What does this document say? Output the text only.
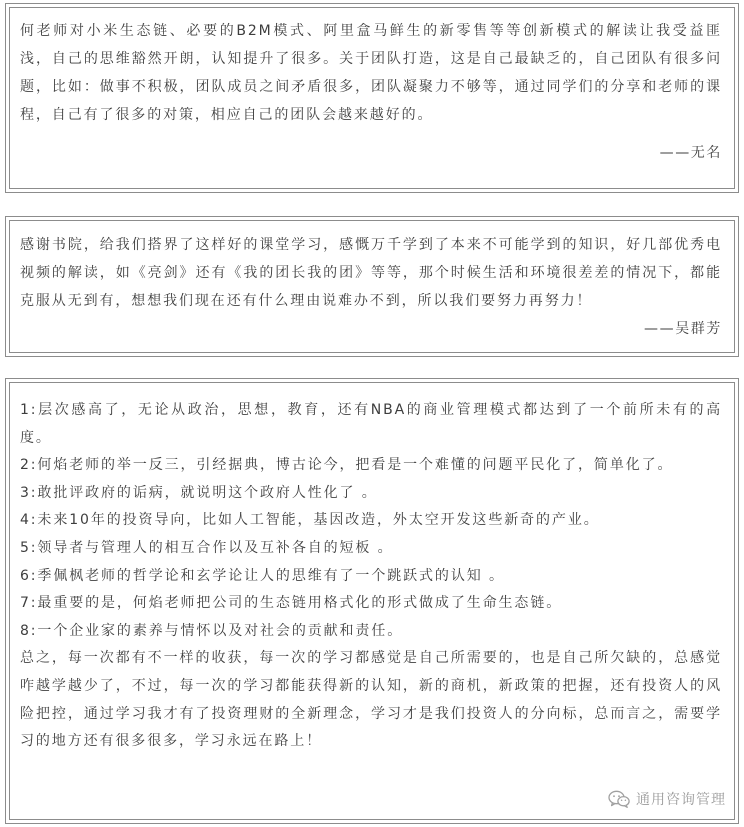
何老师对小米生态链、必要的B2M模式、阿里盒马鲜生的新零售等等创新模式的解读让我受益匪浅，自己的思维豁然开朗，认知提升了很多。关于团队打造，这是自己最缺乏的，自己团队有很多问题，比如：做事不积极，团队成员之间矛盾很多，团队凝聚力不够等，通过同学们的分享和老师的课程，自己有了很多的对策，相应自己的团队会越来越好的。

——无名

感谢书院，给我们搭界了这样好的课堂学习，感慨万千学到了本来不可能学到的知识，好几部优秀电视频的解读，如《亮剑》还有《我的团长我的团》等等，那个时候生活和环境很差差的情况下，都能克服从无到有，想想我们现在还有什么理由说难办不到，所以我们要努力再努力！

——吴群芳

1:层次感高了，无论从政治，思想，教育，还有NBA的商业管理模式都达到了一个前所未有的高度。

2:何焰老师的举一反三，引经据典，博古论今，把看是一个难懂的问题平民化了，简单化了。

3:敢批评政府的诟病，就说明这个政府人性化了 。

4:未来10年的投资导向，比如人工智能，基因改造，外太空开发这些新奇的产业。

5:领导者与管理人的相互合作以及互补各自的短板 。

6:季佩枫老师的哲学论和玄学论让人的思维有了一个跳跃式的认知 。

7:最重要的是，何焰老师把公司的生态链用格式化的形式做成了生命生态链。

8:一个企业家的素养与情怀以及对社会的贡献和责任。

总之，每一次都有不一样的收获，每一次的学习都感觉是自己所需要的，也是自己所欠缺的，总感觉咋越学越少了，不过，每一次的学习都能获得新的认知，新的商机，新政策的把握，还有投资人的风险把控，通过学习我才有了投资理财的全新理念，学习才是我们投资人的分向标，总而言之，需要学习的地方还有很多很多，学习永远在路上！

通用咨询管理
